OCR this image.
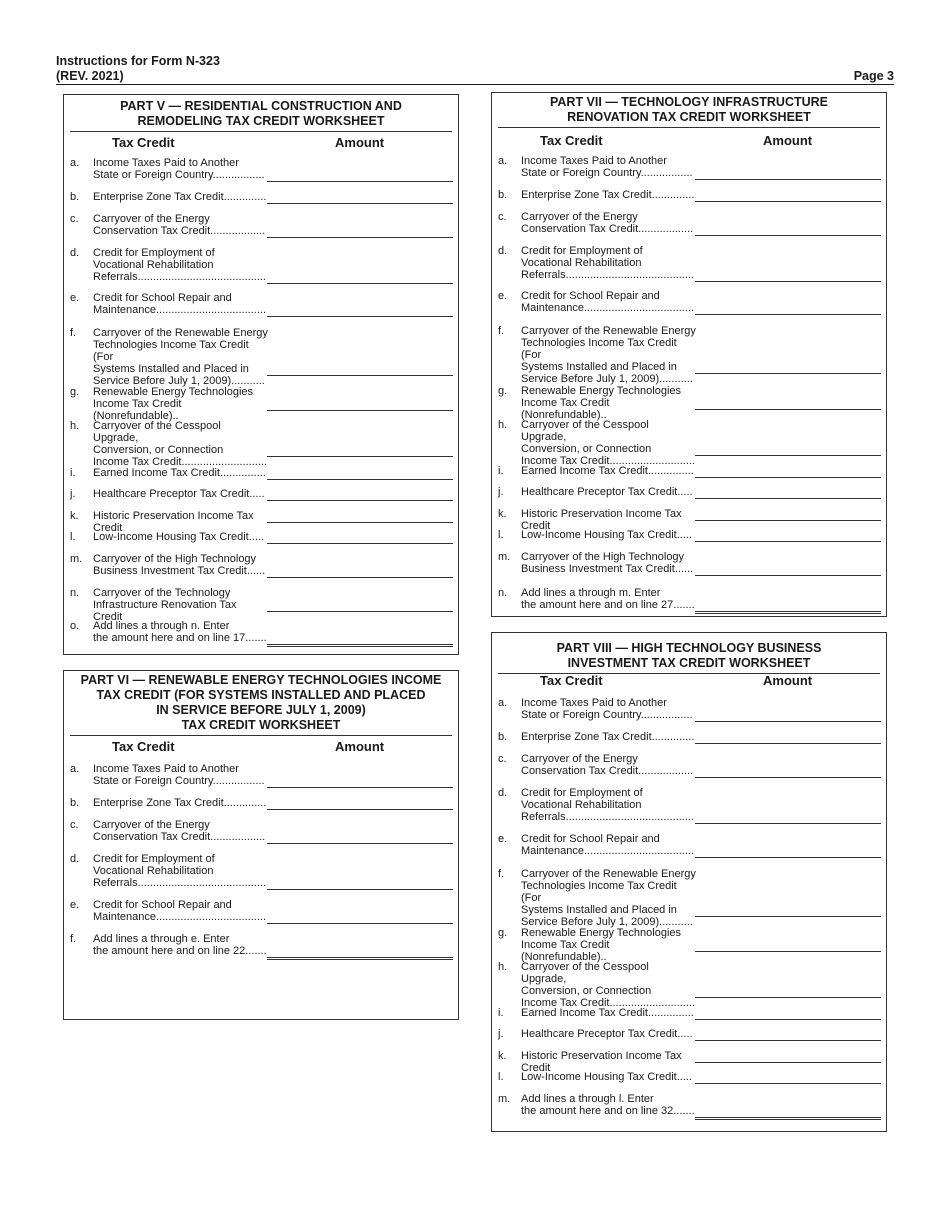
Instructions for Form N-323
(REV. 2021)	Page 3
PART V — RESIDENTIAL CONSTRUCTION AND
REMODELING TAX CREDIT WORKSHEET
Tax Credit	Amount
a. Income Taxes Paid to Another
State or Foreign Country.................
b. Enterprise Zone Tax Credit..............
c. Carryover of the Energy
Conservation Tax Credit..................
d. Credit for Employment of
Vocational Rehabilitation
Referrals..........................................
e. Credit for School Repair and
Maintenance....................................
f. Carryover of the Renewable Energy
Technologies Income Tax Credit (For
Systems Installed and Placed in
Service Before July 1, 2009)...........
g. Renewable Energy Technologies
Income Tax Credit (Nonrefundable)..
h. Carryover of the Cesspool Upgrade,
Conversion, or Connection
Income Tax Credit............................
i. Earned Income Tax Credit...............
j. Healthcare Preceptor Tax Credit.....
k. Historic Preservation Income Tax Credit
l. Low-Income Housing Tax Credit.....
m. Carryover of the High Technology
Business Investment Tax Credit......
n. Carryover of the Technology
Infrastructure Renovation Tax Credit
o. Add lines a through n. Enter
the amount here and on line 17.......
PART VI — RENEWABLE ENERGY TECHNOLOGIES INCOME
TAX CREDIT (FOR SYSTEMS INSTALLED AND PLACED
IN SERVICE BEFORE JULY 1, 2009)
TAX CREDIT WORKSHEET
Tax Credit	Amount
a. Income Taxes Paid to Another
State or Foreign Country.................
b. Enterprise Zone Tax Credit..............
c. Carryover of the Energy
Conservation Tax Credit..................
d. Credit for Employment of
Vocational Rehabilitation
Referrals..........................................
e. Credit for School Repair and
Maintenance....................................
f. Add lines a through e. Enter
the amount here and on line 22.......
PART VII — TECHNOLOGY INFRASTRUCTURE
RENOVATION TAX CREDIT WORKSHEET
Tax Credit	Amount
a. Income Taxes Paid to Another
State or Foreign Country.................
b. Enterprise Zone Tax Credit..............
c. Carryover of the Energy
Conservation Tax Credit..................
d. Credit for Employment of
Vocational Rehabilitation
Referrals..........................................
e. Credit for School Repair and
Maintenance....................................
f. Carryover of the Renewable Energy
Technologies Income Tax Credit (For
Systems Installed and Placed in
Service Before July 1, 2009)...........
g. Renewable Energy Technologies
Income Tax Credit (Nonrefundable)..
h. Carryover of the Cesspool Upgrade,
Conversion, or Connection
Income Tax Credit............................
i. Earned Income Tax Credit...............
j. Healthcare Preceptor Tax Credit.....
k. Historic Preservation Income Tax Credit
l. Low-Income Housing Tax Credit.....
m. Carryover of the High Technology
Business Investment Tax Credit......
n. Add lines a through m. Enter
the amount here and on line 27.......
PART VIII — HIGH TECHNOLOGY BUSINESS
INVESTMENT TAX CREDIT WORKSHEET
Tax Credit	Amount
a. Income Taxes Paid to Another
State or Foreign Country.................
b. Enterprise Zone Tax Credit..............
c. Carryover of the Energy
Conservation Tax Credit..................
d. Credit for Employment of
Vocational Rehabilitation
Referrals..........................................
e. Credit for School Repair and
Maintenance....................................
f. Carryover of the Renewable Energy
Technologies Income Tax Credit (For
Systems Installed and Placed in
Service Before July 1, 2009)...........
g. Renewable Energy Technologies
Income Tax Credit (Nonrefundable)..
h. Carryover of the Cesspool Upgrade,
Conversion, or Connection
Income Tax Credit............................
i. Earned Income Tax Credit...............
j. Healthcare Preceptor Tax Credit.....
k. Historic Preservation Income Tax Credit
l. Low-Income Housing Tax Credit.....
m. Add lines a through l. Enter
the amount here and on line 32.......
